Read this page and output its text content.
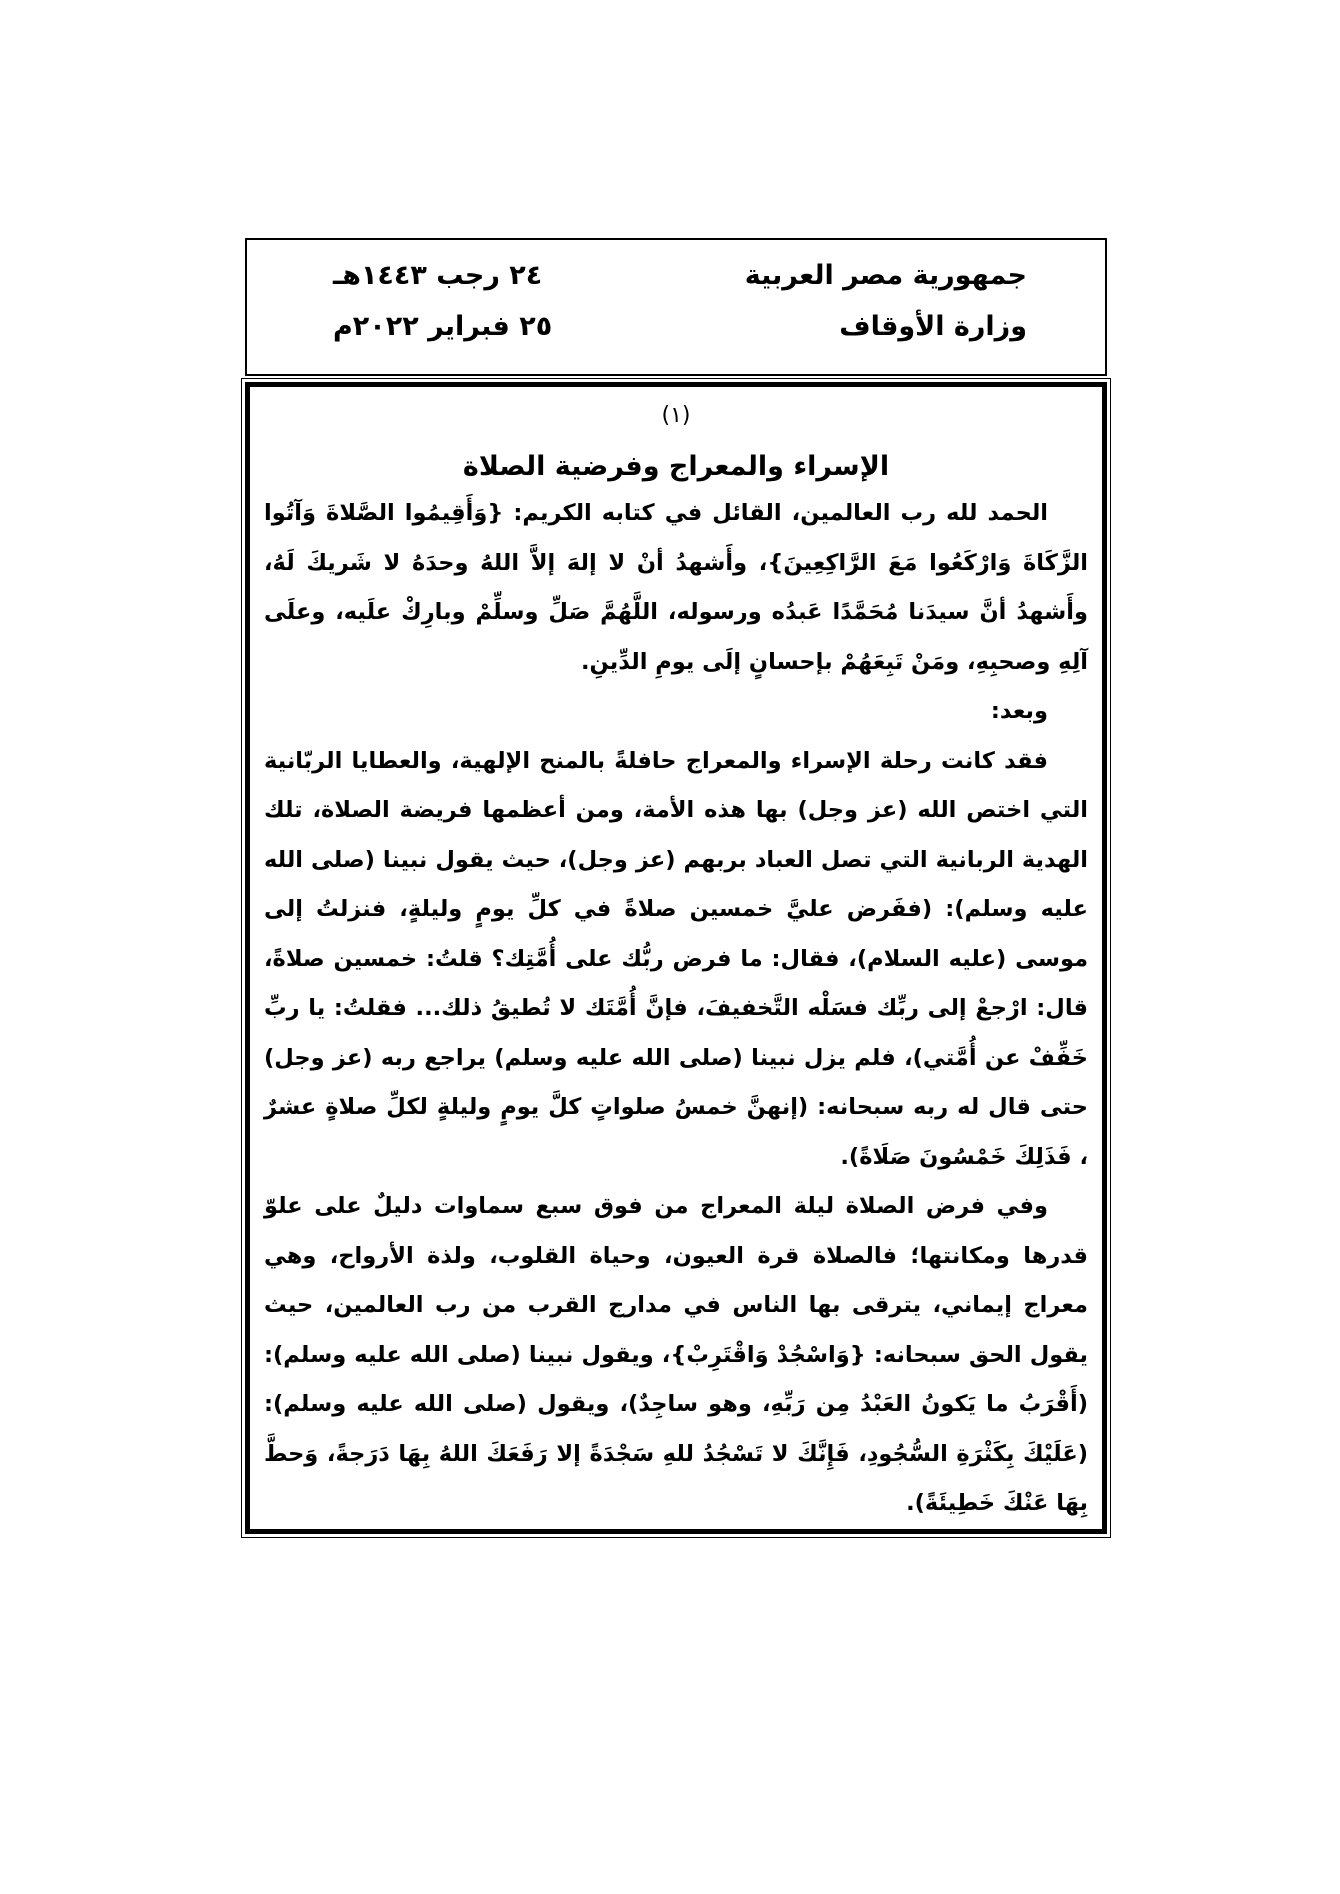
جمهورية مصر العربية
وزارة الأوقاف
٢٤ رجب ١٤٤٣هـ
٢٥ فبراير ٢٠٢٢م
(١)
الإسراء والمعراج وفرضية الصلاة

الحمد لله رب العالمين، القائل في كتابه الكريم: {وَأَقِيمُوا الصَّلاةَ وَآتُوا الزَّكَاةَ وَارْكَعُوا مَعَ الرَّاكِعِينَ}، وأَشهدُ أنْ لا إلهَ إلاَّ اللهُ وحدَهُ لا شَريكَ لَهُ، وأَشهدُ أنَّ سيدَنا مُحَمَّدًا عَبدُه ورسوله، اللَّهُمَّ صَلِّ وسلِّمْ وبارِكْ علَيه، وعلَى آلِهِ وصحبِهِ، ومَنْ تَبِعَهُمْ بإحسانٍ إلَى يومِ الدِّينِ.

وبعد:

فقد كانت رحلة الإسراء والمعراج حافلةً بالمنح الإلهية، والعطايا الربّانية التي اختص الله (عز وجل) بها هذه الأمة، ومن أعظمها فريضة الصلاة، تلك الهدية الربانية التي تصل العباد بربهم (عز وجل)، حيث يقول نبينا (صلى الله عليه وسلم): (ففَرض عليَّ خمسين صلاةً في كلِّ يومٍ وليلةٍ، فنزلتُ إلى موسى (عليه السلام)، فقال: ما فرض ربُّك على أُمَّتِك؟ قلتُ: خمسين صلاةً، قال: ارْجعْ إلى ربِّك فسَلْه التَّخفيفَ، فإنَّ أُمَّتَك لا تُطيقُ ذلك... فقلتُ: يا ربِّ خَفِّفْ عن أُمَّتي)، فلم يزل نبينا (صلى الله عليه وسلم) يراجع ربه (عز وجل) حتى قال له ربه سبحانه: (إنهنَّ خمسُ صلواتٍ كلَّ يومٍ وليلةٍ لكلِّ صلاةٍ عشرٌ ، فَذَلِكَ خَمْسُونَ صَلَاةً).

وفي فرض الصلاة ليلة المعراج من فوق سبع سماوات دليلٌ على علوّ قدرها ومكانتها؛ فالصلاة قرة العيون، وحياة القلوب، ولذة الأرواح، وهي معراج إيماني، يترقى بها الناس في مدارج القرب من رب العالمين، حيث يقول الحق سبحانه: {وَاسْجُدْ وَاقْتَرِبْ}، ويقول نبينا (صلى الله عليه وسلم): (أَقْرَبُ ما يَكونُ العَبْدُ مِن رَبِّهِ، وهو ساجِدٌ)، ويقول (صلى الله عليه وسلم): (عَلَيْكَ بِكَثْرَةِ السُّجُودِ، فَإِنَّكَ لا تَسْجُدُ للهِ سَجْدَةً إلا رَفَعَكَ اللهُ بِهَا دَرَجةً، وَحطَّ بِهَا عَنْكَ خَطِيئَةً).
